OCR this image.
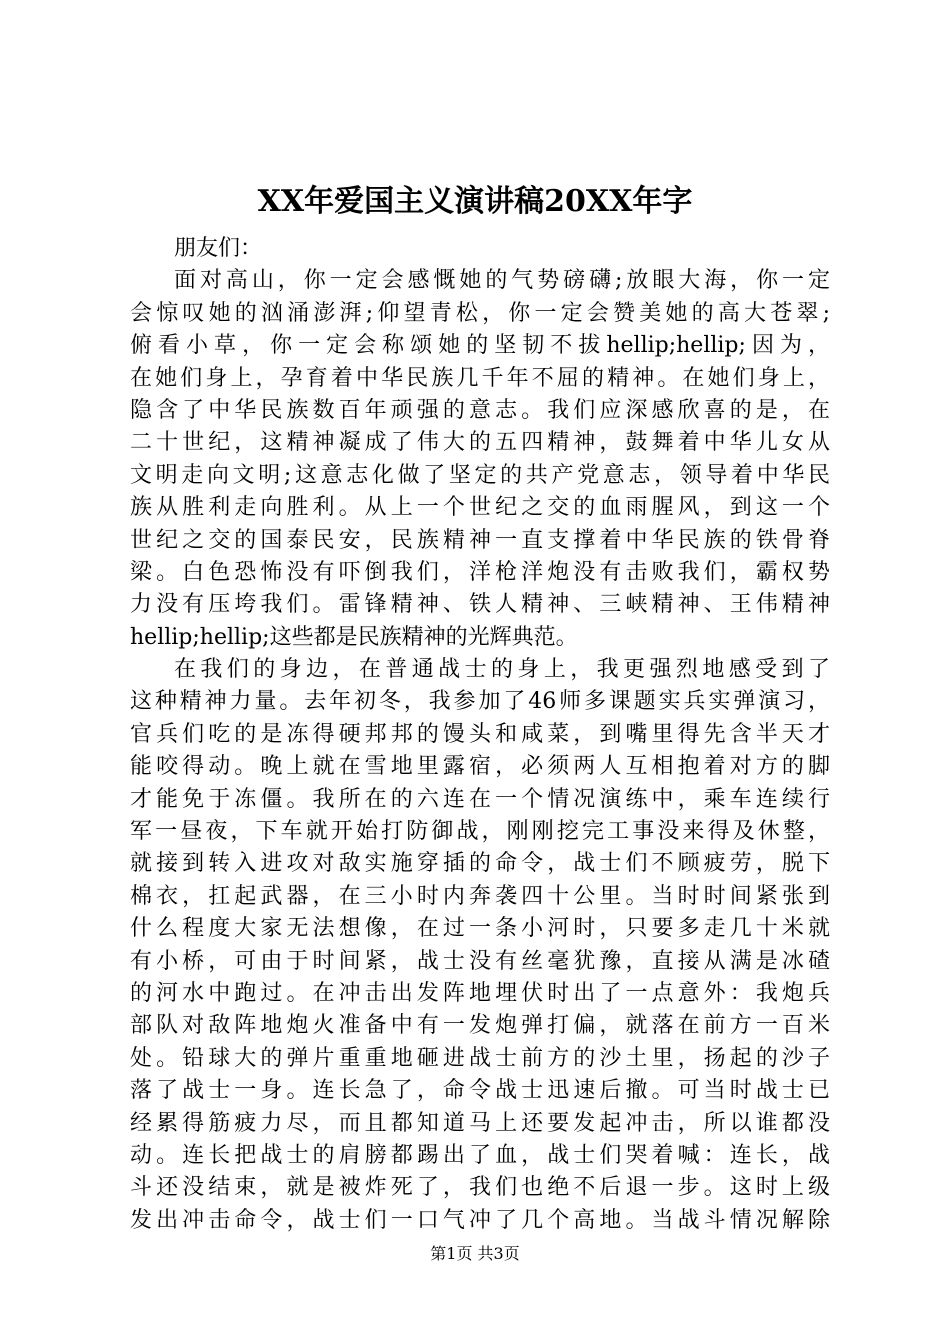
XX年爱国主义演讲稿20XX年字
朋友们：
面对高山，你一定会感慨她的气势磅礴;放眼大海，你一定
会惊叹她的汹涌澎湃;仰望青松，你一定会赞美她的高大苍翠;
俯看小草，你一定会称颂她的坚韧不拔hellip;hellip;因为，
在她们身上，孕育着中华民族几千年不屈的精神。在她们身上，
隐含了中华民族数百年顽强的意志。我们应深感欣喜的是，在
二十世纪，这精神凝成了伟大的五四精神，鼓舞着中华儿女从
文明走向文明;这意志化做了坚定的共产党意志，领导着中华民
族从胜利走向胜利。从上一个世纪之交的血雨腥风，到这一个
世纪之交的国泰民安，民族精神一直支撑着中华民族的铁骨脊
梁。白色恐怖没有吓倒我们，洋枪洋炮没有击败我们，霸权势
力没有压垮我们。雷锋精神、铁人精神、三峡精神、王伟精神
hellip;hellip;这些都是民族精神的光辉典范。
在我们的身边，在普通战士的身上，我更强烈地感受到了
这种精神力量。去年初冬，我参加了46师多课题实兵实弹演习，
官兵们吃的是冻得硬邦邦的馒头和咸菜，到嘴里得先含半天才
能咬得动。晚上就在雪地里露宿，必须两人互相抱着对方的脚
才能免于冻僵。我所在的六连在一个情况演练中，乘车连续行
军一昼夜，下车就开始打防御战，刚刚挖完工事没来得及休整，
就接到转入进攻对敌实施穿插的命令，战士们不顾疲劳，脱下
棉衣，扛起武器，在三小时内奔袭四十公里。当时时间紧张到
什么程度大家无法想像，在过一条小河时，只要多走几十米就
有小桥，可由于时间紧，战士没有丝毫犹豫，直接从满是冰碴
的河水中跑过。在冲击出发阵地埋伏时出了一点意外：我炮兵
部队对敌阵地炮火准备中有一发炮弹打偏，就落在前方一百米
处。铅球大的弹片重重地砸进战士前方的沙土里，扬起的沙子
落了战士一身。连长急了，命令战士迅速后撤。可当时战士已
经累得筋疲力尽，而且都知道马上还要发起冲击，所以谁都没
动。连长把战士的肩膀都踢出了血，战士们哭着喊：连长，战
斗还没结束，就是被炸死了，我们也绝不后退一步。这时上级
发出冲击命令，战士们一口气冲了几个高地。当战斗情况解除
第1页 共3页
